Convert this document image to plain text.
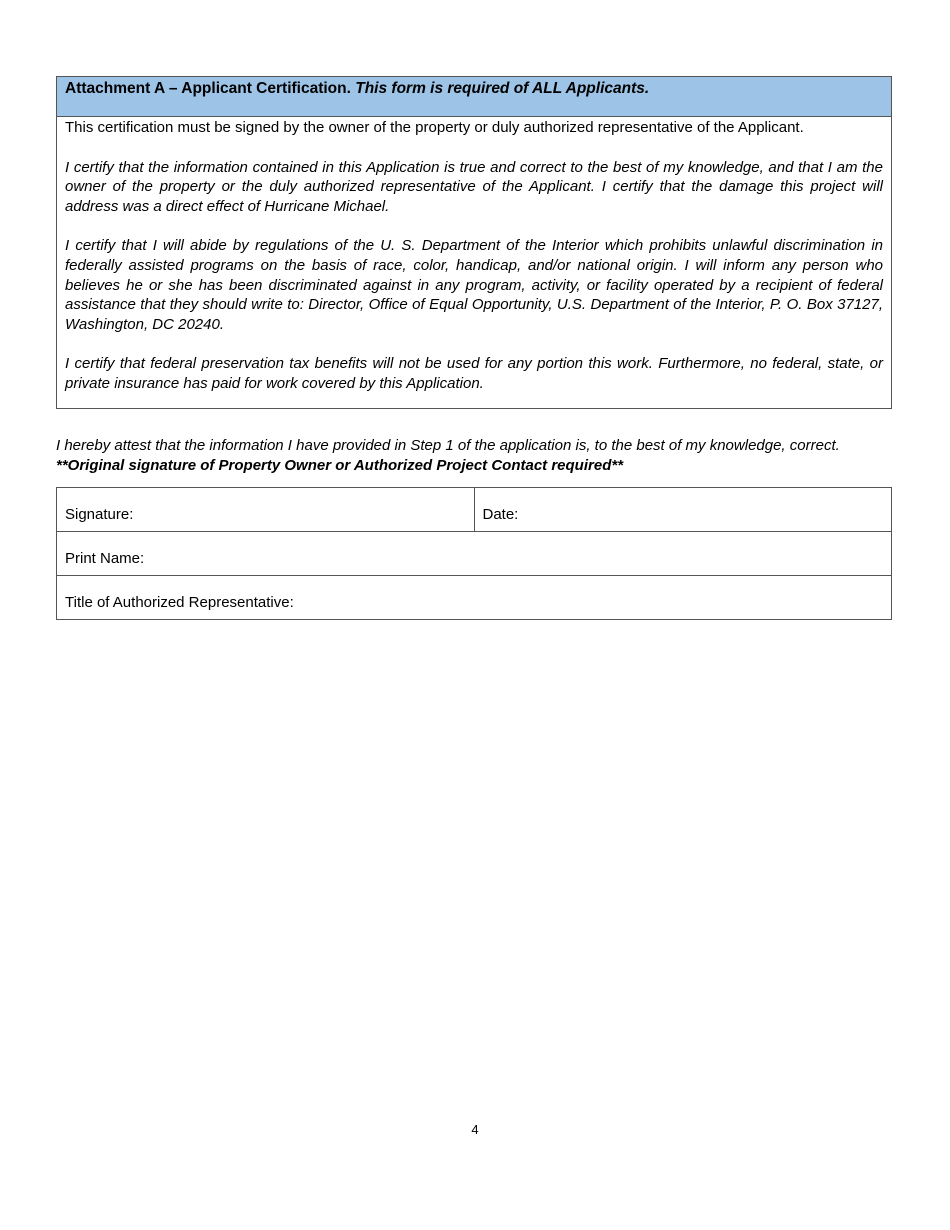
Attachment A – Applicant Certification. This form is required of ALL Applicants.

This certification must be signed by the owner of the property or duly authorized representative of the Applicant.

I certify that the information contained in this Application is true and correct to the best of my knowledge, and that I am the owner of the property or the duly authorized representative of the Applicant. I certify that the damage this project will address was a direct effect of Hurricane Michael.

I certify that I will abide by regulations of the U. S. Department of the Interior which prohibits unlawful discrimination in federally assisted programs on the basis of race, color, handicap, and/or national origin. I will inform any person who believes he or she has been discriminated against in any program, activity, or facility operated by a recipient of federal assistance that they should write to: Director, Office of Equal Opportunity, U.S. Department of the Interior, P. O. Box 37127, Washington, DC 20240.

I certify that federal preservation tax benefits will not be used for any portion this work. Furthermore, no federal, state, or private insurance has paid for work covered by this Application.

I hereby attest that the information I have provided in Step 1 of the application is, to the best of my knowledge, correct.
**Original signature of Property Owner or Authorized Project Contact required**
Signature:	Date:
Print Name:
Title of Authorized Representative:
4
